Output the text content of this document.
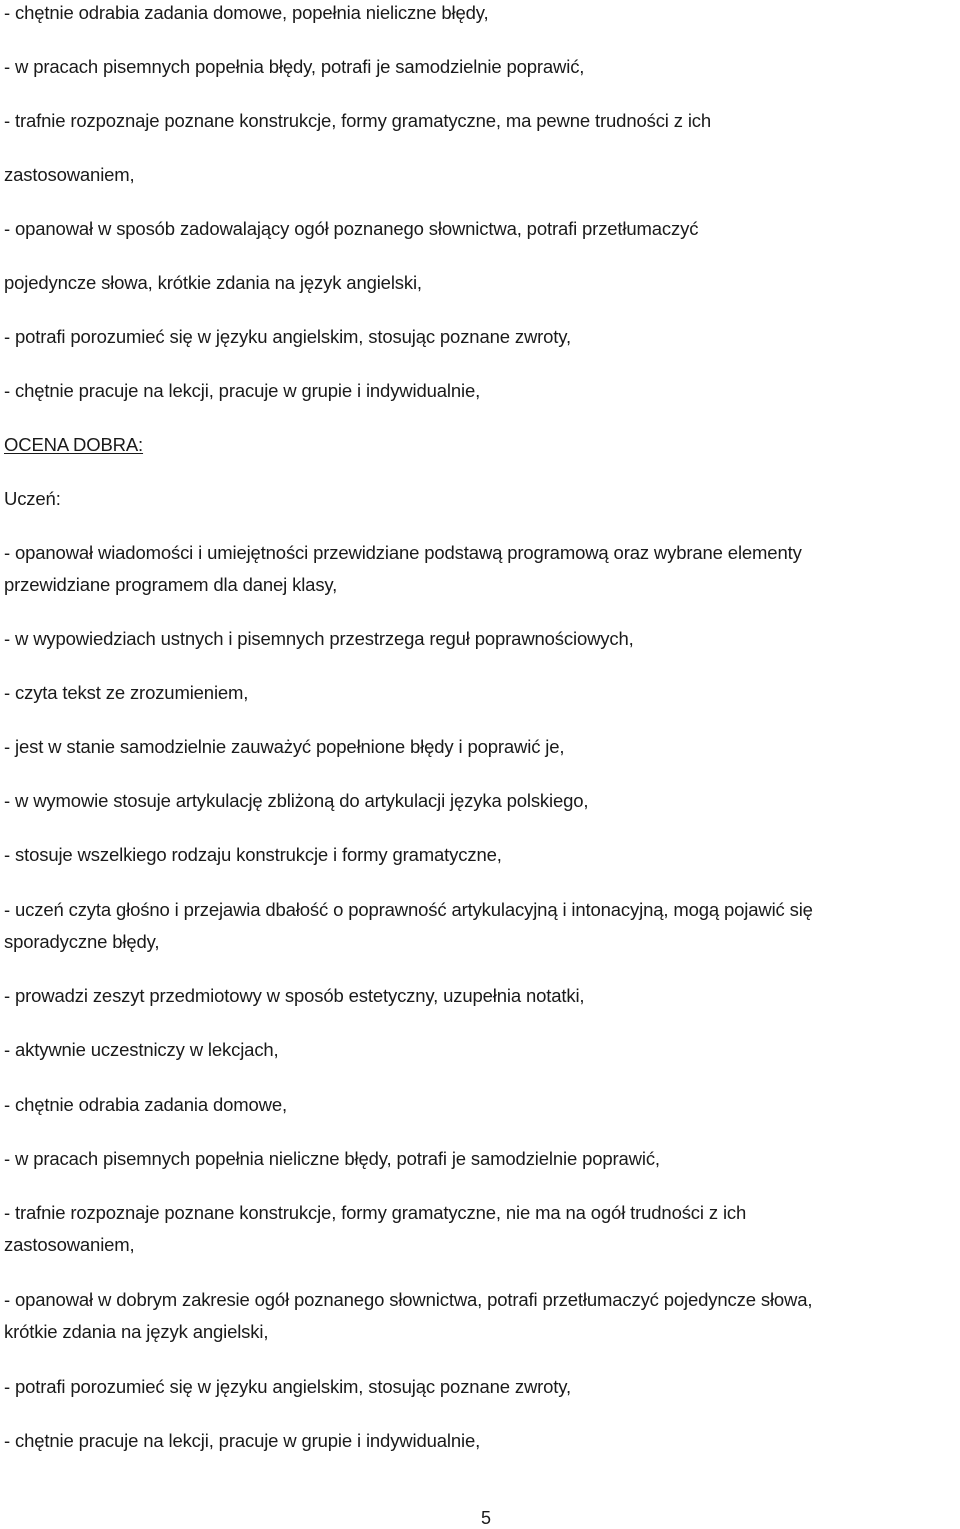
- chętnie odrabia zadania domowe, popełnia nieliczne błędy,
- w pracach pisemnych popełnia błędy, potrafi je samodzielnie poprawić,
- trafnie rozpoznaje poznane konstrukcje, formy gramatyczne, ma pewne trudności z ich
zastosowaniem,
- opanował w sposób zadowalający ogół poznanego słownictwa, potrafi przetłumaczyć
pojedyncze słowa, krótkie zdania na język angielski,
- potrafi porozumieć się w języku angielskim, stosując poznane zwroty,
- chętnie pracuje na lekcji, pracuje w grupie i indywidualnie,
OCENA DOBRA:
Uczeń:
- opanował wiadomości i umiejętności przewidziane podstawą programową oraz wybrane elementy
przewidziane programem dla danej klasy,
- w wypowiedziach ustnych i pisemnych przestrzega reguł poprawnościowych,
- czyta tekst ze zrozumieniem,
- jest w stanie samodzielnie zauważyć popełnione błędy i poprawić je,
- w wymowie stosuje artykulację zbliżoną do artykulacji języka polskiego,
- stosuje wszelkiego rodzaju konstrukcje i formy gramatyczne,
- uczeń czyta głośno i przejawia dbałość o poprawność artykulacyjną i intonacyjną, mogą pojawić się
sporadyczne błędy,
- prowadzi zeszyt przedmiotowy w sposób estetyczny, uzupełnia notatki,
- aktywnie uczestniczy w lekcjach,
- chętnie odrabia zadania domowe,
- w pracach pisemnych popełnia nieliczne błędy, potrafi je samodzielnie poprawić,
- trafnie rozpoznaje poznane konstrukcje, formy gramatyczne, nie ma na ogół trudności z ich
zastosowaniem,
- opanował w dobrym zakresie ogół poznanego słownictwa, potrafi przetłumaczyć pojedyncze słowa,
krótkie zdania na język angielski,
- potrafi porozumieć się w języku angielskim, stosując poznane zwroty,
- chętnie pracuje na lekcji, pracuje w grupie i indywidualnie,
5
